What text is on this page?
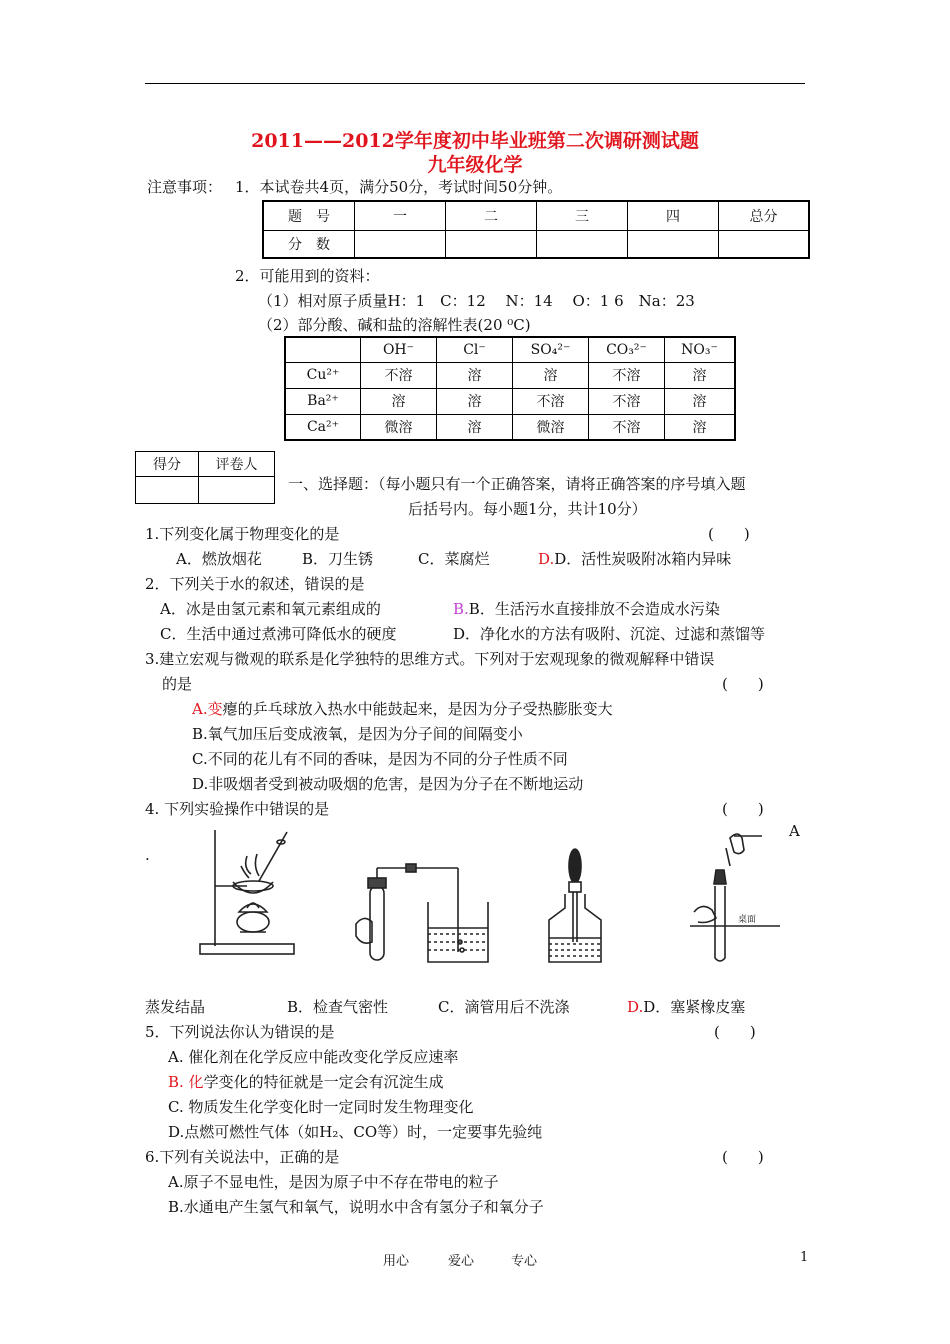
2011——2012学年度初中毕业班第二次调研测试题
九年级化学
注意事项： 1．本试卷共4页，满分50分，考试时间50分钟。
题　号	一	二	三	四	总分
分　数					
2．可能用到的资料：
（1）相对原子质量H：1　C：12　 N：14　 O：1 6　Na：23
（2）部分酸、碱和盐的溶解性表(20 ⁰C)
	OH⁻	Cl⁻	SO₄²⁻	CO₃²⁻	NO₃⁻
Cu²⁺	不溶	溶	溶	不溶	溶
Ba²⁺	溶	溶	不溶	不溶	溶
Ca²⁺	微溶	溶	微溶	不溶	溶
得分	评卷人

一、选择题：（每小题只有一个正确答案，请将正确答案的序号填入题
后括号内。每小题1分，共计10分）
1.下列变化属于物理变化的是	(　　)
A．燃放烟花	B．刀生锈	C．菜腐烂	D.D．活性炭吸附冰箱内异味
2．下列关于水的叙述，错误的是
A．冰是由氢元素和氧元素组成的	B.B．生活污水直接排放不会造成水污染
C．生活中通过煮沸可降低水的硬度	D．净化水的方法有吸附、沉淀、过滤和蒸馏等
3.建立宏观与微观的联系是化学独特的思维方式。下列对于宏观现象的微观解释中错误
的是	(　　)
A.变瘪的乒乓球放入热水中能鼓起来，是因为分子受热膨胀变大
B.氧气加压后变成液氧，是因为分子间的间隔变小
C.不同的花儿有不同的香味，是因为不同的分子性质不同
D.非吸烟者受到被动吸烟的危害，是因为分子在不断地运动
4. 下列实验操作中错误的是	(　　)
A
.
桌面
蒸发结晶	B．检查气密性	C．滴管用后不洗涤	D.D．塞紧橡皮塞
5．下列说法你认为错误的是	(　　)
A. 催化剂在化学反应中能改变化学反应速率
B. 化学变化的特征就是一定会有沉淀生成
C. 物质发生化学变化时一定同时发生物理变化
D.点燃可燃性气体（如H₂、CO等）时，一定要事先验纯
6.下列有关说法中，正确的是	(　　)
A.原子不显电性，是因为原子中不存在带电的粒子
B.水通电产生氢气和氧气，说明水中含有氢分子和氧分子
用心	爱心	专心	1
